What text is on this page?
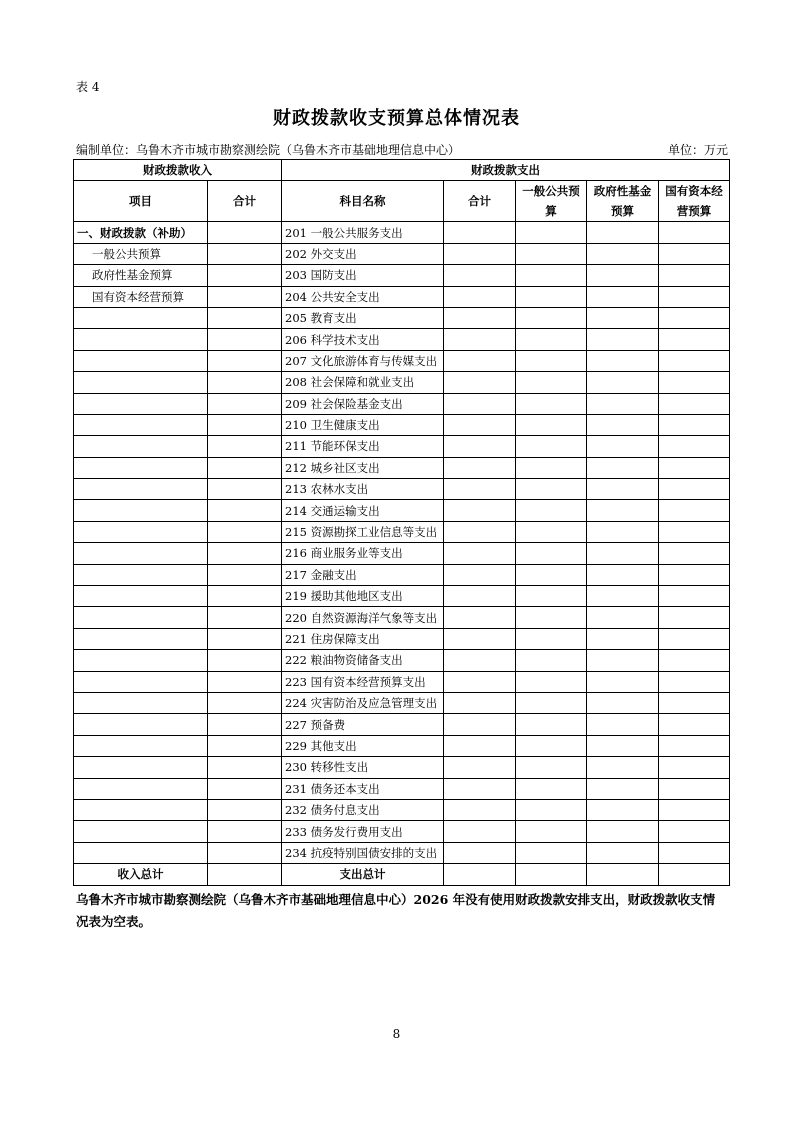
表 4
财政拨款收支预算总体情况表
编制单位：乌鲁木齐市城市勘察测绘院（乌鲁木齐市基础地理信息中心）	单位：万元
财政拨款收入		财政拨款支出				
项目	合计	科目名称	合计	一般公共预算	政府性基金预算	国有资本经营预算
一、财政拨款（补助）		201 一般公共服务支出				
一般公共预算		202 外交支出				
政府性基金预算		203 国防支出				
国有资本经营预算		204 公共安全支出				
		205 教育支出				
		206 科学技术支出				
		207 文化旅游体育与传媒支出				
		208 社会保障和就业支出				
		209 社会保险基金支出				
		210 卫生健康支出				
		211 节能环保支出				
		212 城乡社区支出				
		213 农林水支出				
		214 交通运输支出				
		215 资源勘探工业信息等支出				
		216 商业服务业等支出				
		217 金融支出				
		219 援助其他地区支出				
		220 自然资源海洋气象等支出				
		221 住房保障支出				
		222 粮油物资储备支出				
		223 国有资本经营预算支出				
		224 灾害防治及应急管理支出				
		227 预备费				
		229 其他支出				
		230 转移性支出				
		231 债务还本支出				
		232 债务付息支出				
		233 债务发行费用支出				
		234 抗疫特别国债安排的支出				
收入总计		支出总计				
乌鲁木齐市城市勘察测绘院（乌鲁木齐市基础地理信息中心）2026 年没有使用财政拨款安排支出，财政拨款收支情况表为空表。
8
